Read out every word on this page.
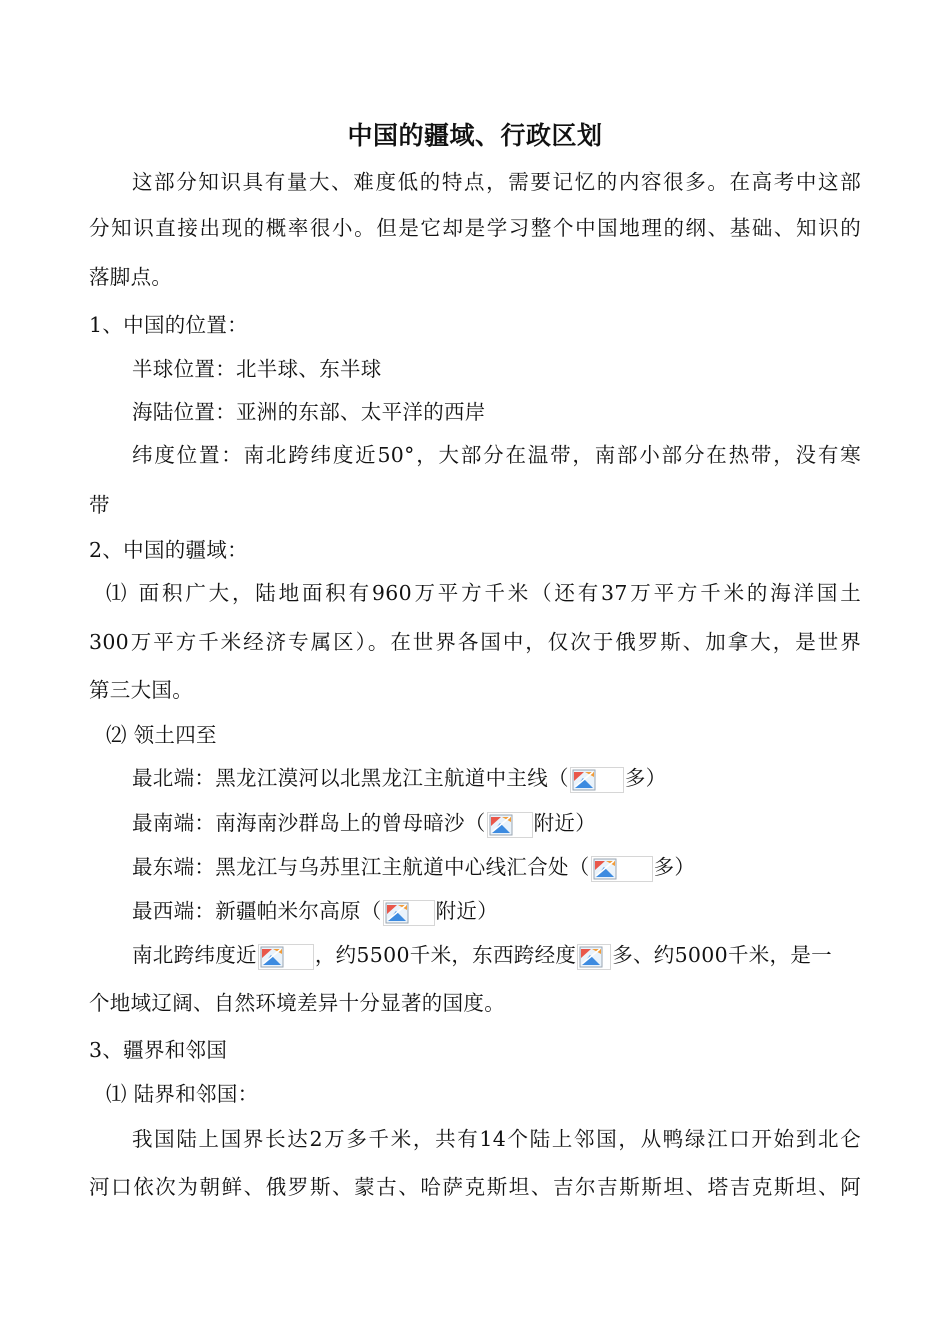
中国的疆域、行政区划
这部分知识具有量大、难度低的特点，需要记忆的内容很多。在高考中这部
分知识直接出现的概率很小。但是它却是学习整个中国地理的纲、基础、知识的
落脚点。
1、中国的位置：
半球位置：北半球、东半球
海陆位置：亚洲的东部、太平洋的西岸
纬度位置：南北跨纬度近50°，大部分在温带，南部小部分在热带，没有寒
带
2、中国的疆域：
⑴ 面积广大，陆地面积有960万平方千米（还有37万平方千米的海洋国土
300万平方千米经济专属区）。在世界各国中，仅次于俄罗斯、加拿大，是世界
第三大国。
⑵ 领土四至
最北端：黑龙江漠河以北黑龙江主航道中主线（	多）
最南端：南海南沙群岛上的曾母暗沙（ 附近）
最东端：黑龙江与乌苏里江主航道中心线汇合处（	多）
最西端：新疆帕米尔高原（	附近）
南北跨纬度近	，约5500千米，东西跨经度 多、约5000千米，是一
个地域辽阔、自然环境差异十分显著的国度。
3、疆界和邻国
⑴ 陆界和邻国：
我国陆上国界长达2万多千米，共有14个陆上邻国，从鸭绿江口开始到北仑
河口依次为朝鲜、俄罗斯、蒙古、哈萨克斯坦、吉尔吉斯斯坦、塔吉克斯坦、阿
